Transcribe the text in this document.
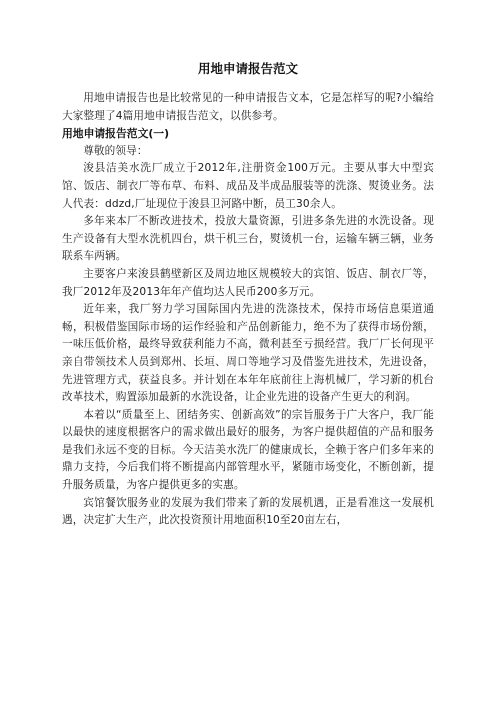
用地申请报告范文

用地申请报告也是比较常见的一种申请报告文本，它是怎样写的呢?小编给大家整理了4篇用地申请报告范文，以供参考。

用地申请报告范文(一)

尊敬的领导：

浚县洁美水洗厂成立于2012年,注册资金100万元。主要从事大中型宾馆、饭店、制衣厂等布草、布料、成品及半成品服装等的洗涤、熨烫业务。法人代表：ddzd,厂址现位于浚县卫河路中断，员工30余人。

多年来本厂不断改进技术，投放大量资源，引进多条先进的水洗设备。现生产设备有大型水洗机四台，烘干机三台，熨烫机一台，运输车辆三辆，业务联系车两辆。

主要客户来浚县鹤壁新区及周边地区规模较大的宾馆、饭店、制衣厂等，我厂2012年及2013年年产值均达人民币200多万元。

近年来，我厂努力学习国际国内先进的洗涤技术，保持市场信息渠道通畅，积极借鉴国际市场的运作经验和产品创新能力，绝不为了获得市场份额，一味压低价格，最终导致获利能力不高，微利甚至亏损经营。我厂厂长何现平亲自带领技术人员到郑州、长垣、周口等地学习及借鉴先进技术，先进设备，先进管理方式，获益良多。并计划在本年年底前往上海机械厂，学习新的机台改革技术，购置添加最新的水洗设备，让企业先进的设备产生更大的利润。

本着以“质量至上、团结务实、创新高效”的宗旨服务于广大客户，我厂能以最快的速度根据客户的需求做出最好的服务，为客户提供超值的产品和服务是我们永远不变的目标。今天洁美水洗厂的健康成长，全赖于客户们多年来的鼎力支持，今后我们将不断提高内部管理水平，紧随市场变化，不断创新，提升服务质量，为客户提供更多的实惠。

宾馆餐饮服务业的发展为我们带来了新的发展机遇，正是看准这一发展机遇，决定扩大生产，此次投资预计用地面积10至20亩左右，
